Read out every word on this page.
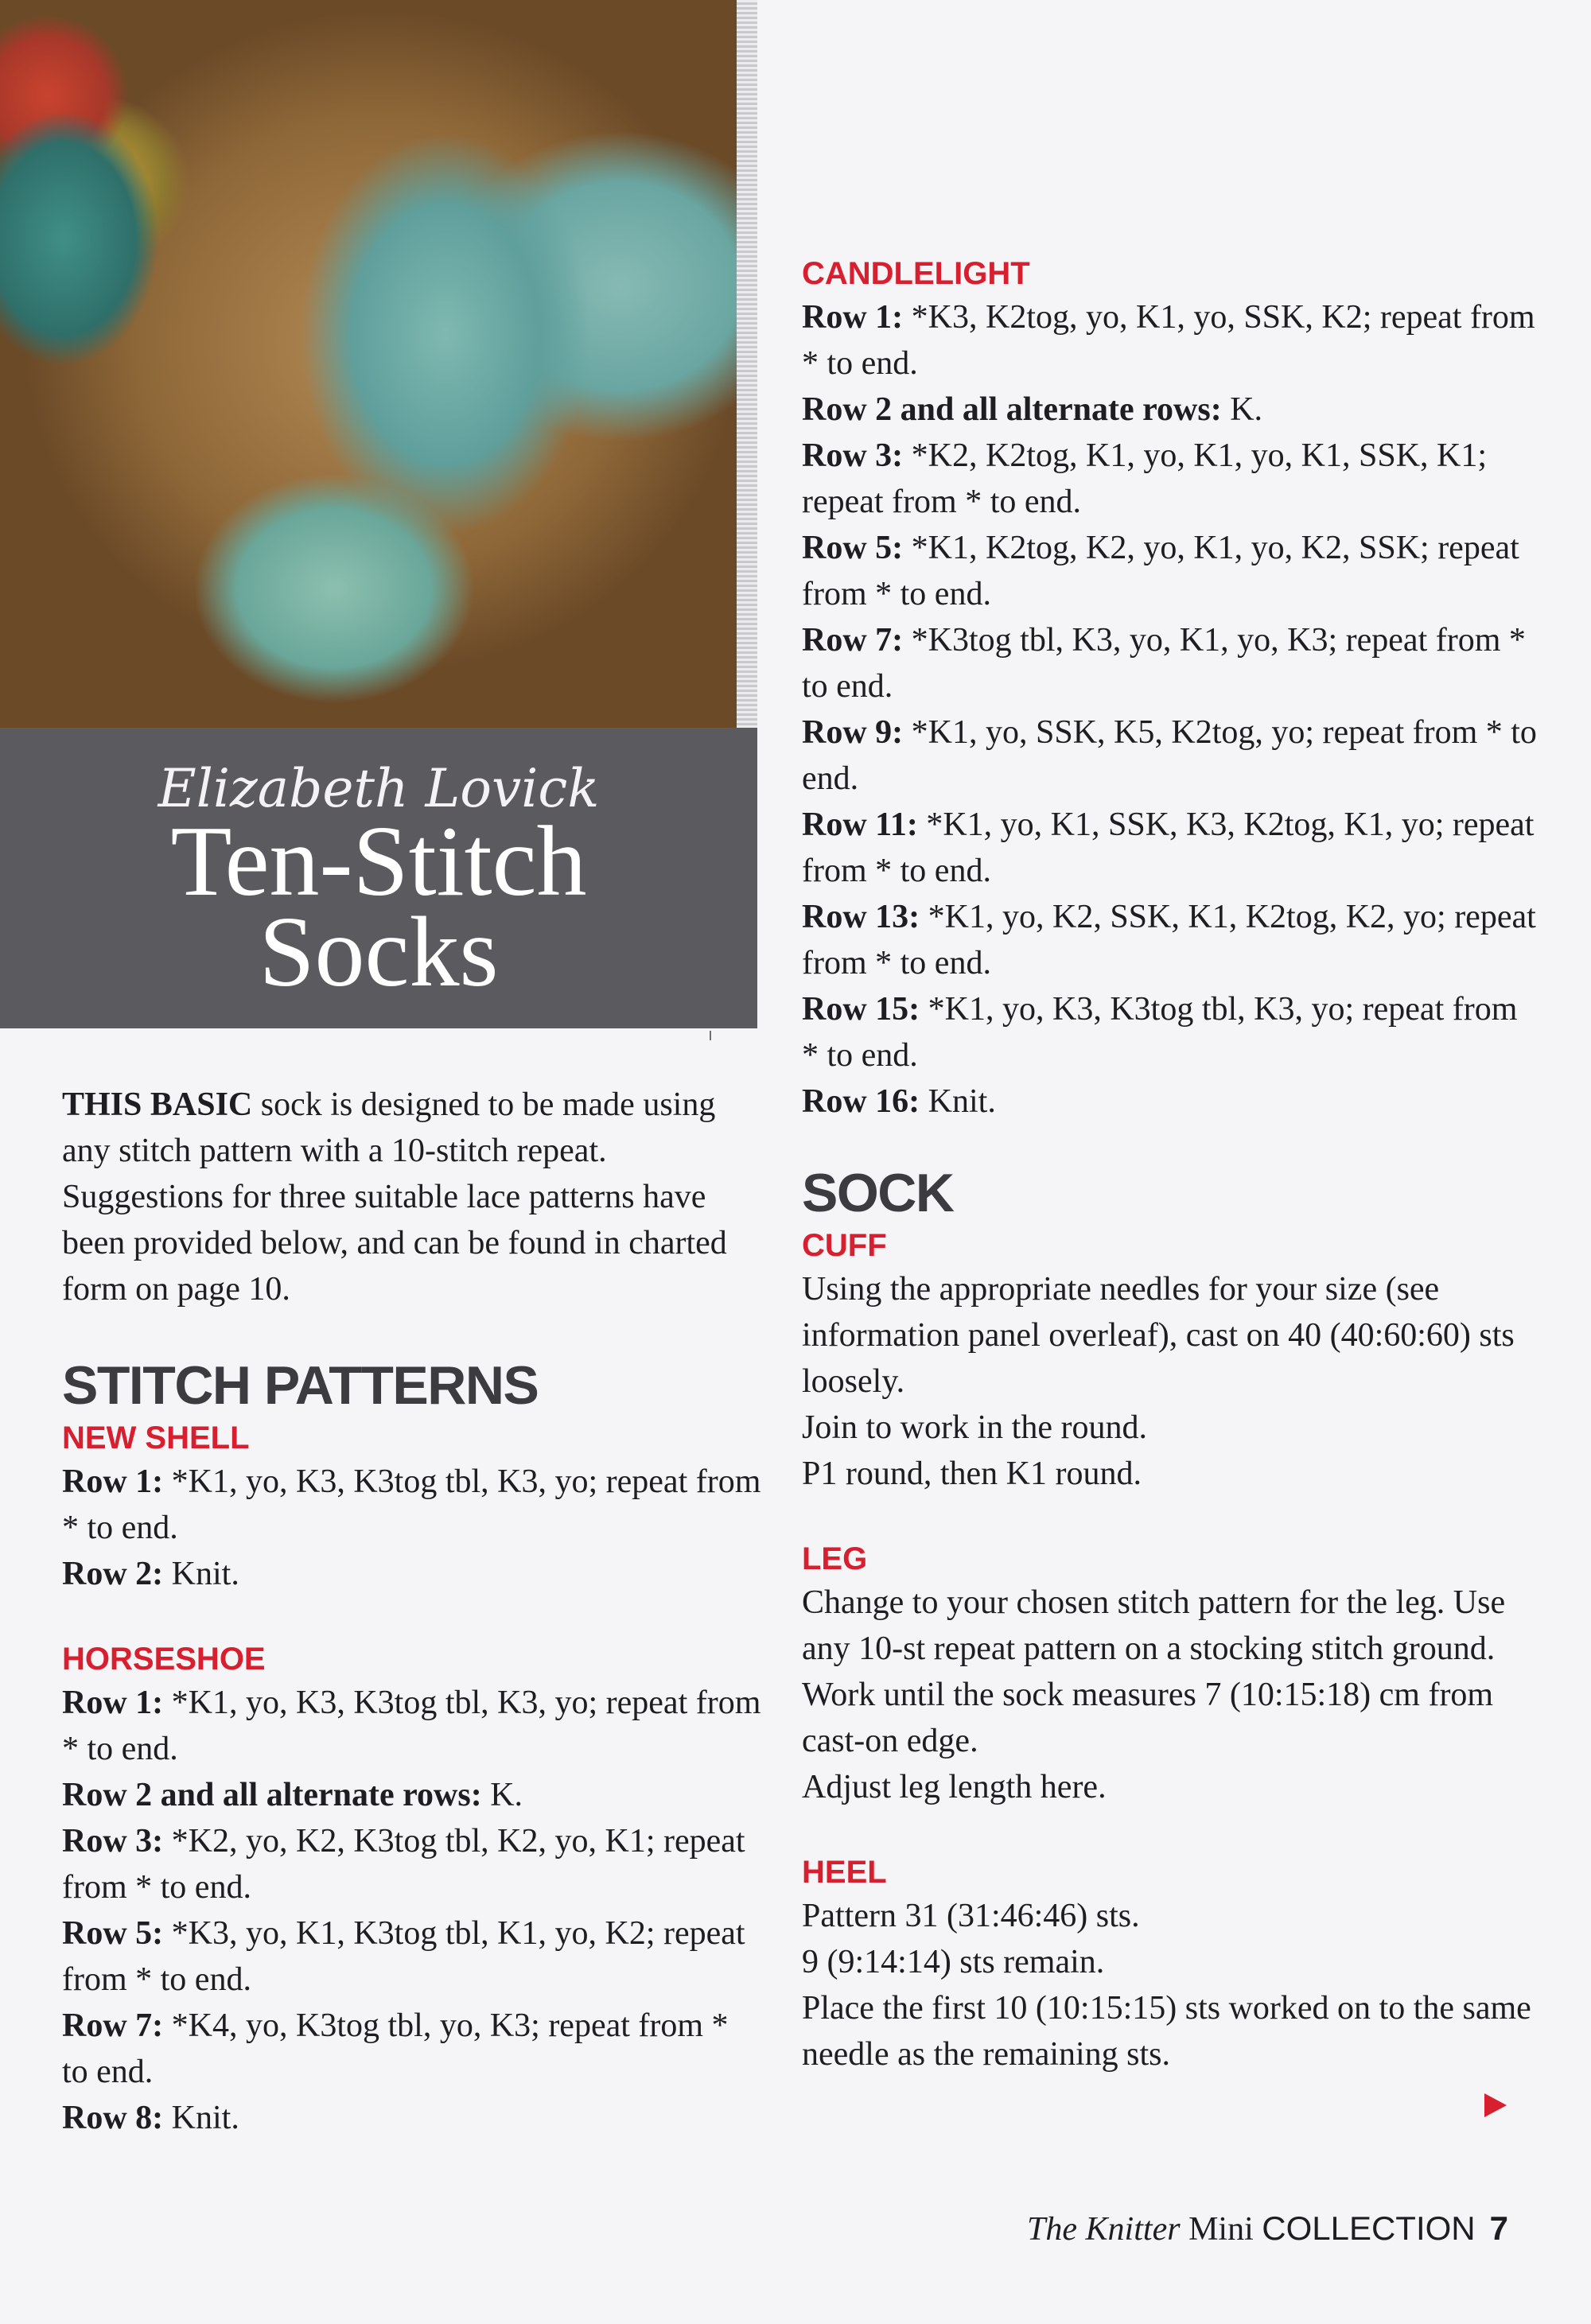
Elizabeth Lovick
Ten-Stitch
Socks

THIS BASIC sock is designed to be made using any stitch pattern with a 10-stitch repeat. Suggestions for three suitable lace patterns have been provided below, and can be found in charted form on page 10.

STITCH PATTERNS
NEW SHELL
Row 1: *K1, yo, K3, K3tog tbl, K3, yo; repeat from * to end.
Row 2: Knit.
HORSESHOE
Row 1: *K1, yo, K3, K3tog tbl, K3, yo; repeat from * to end.
Row 2 and all alternate rows: K.
Row 3: *K2, yo, K2, K3tog tbl, K2, yo, K1; repeat from * to end.
Row 5: *K3, yo, K1, K3tog tbl, K1, yo, K2; repeat from * to end.
Row 7: *K4, yo, K3tog tbl, yo, K3; repeat from * to end.
Row 8: Knit.
CANDLELIGHT
Row 1: *K3, K2tog, yo, K1, yo, SSK, K2; repeat from * to end.
Row 2 and all alternate rows: K.
Row 3: *K2, K2tog, K1, yo, K1, yo, K1, SSK, K1; repeat from * to end.
Row 5: *K1, K2tog, K2, yo, K1, yo, K2, SSK; repeat from * to end.
Row 7: *K3tog tbl, K3, yo, K1, yo, K3; repeat from * to end.
Row 9: *K1, yo, SSK, K5, K2tog, yo; repeat from * to end.
Row 11: *K1, yo, K1, SSK, K3, K2tog, K1, yo; repeat from * to end.
Row 13: *K1, yo, K2, SSK, K1, K2tog, K2, yo; repeat from * to end.
Row 15: *K1, yo, K3, K3tog tbl, K3, yo; repeat from * to end.
Row 16: Knit.
SOCK
CUFF
Using the appropriate needles for your size (see information panel overleaf), cast on 40 (40:60:60) sts loosely.
Join to work in the round.
P1 round, then K1 round.
LEG
Change to your chosen stitch pattern for the leg. Use any 10-st repeat pattern on a stocking stitch ground.
Work until the sock measures 7 (10:15:18) cm from cast-on edge.
Adjust leg length here.
HEEL
Pattern 31 (31:46:46) sts.
9 (9:14:14) sts remain.
Place the first 10 (10:15:15) sts worked on to the same needle as the remaining sts.
The Knitter Mini COLLECTION 7
